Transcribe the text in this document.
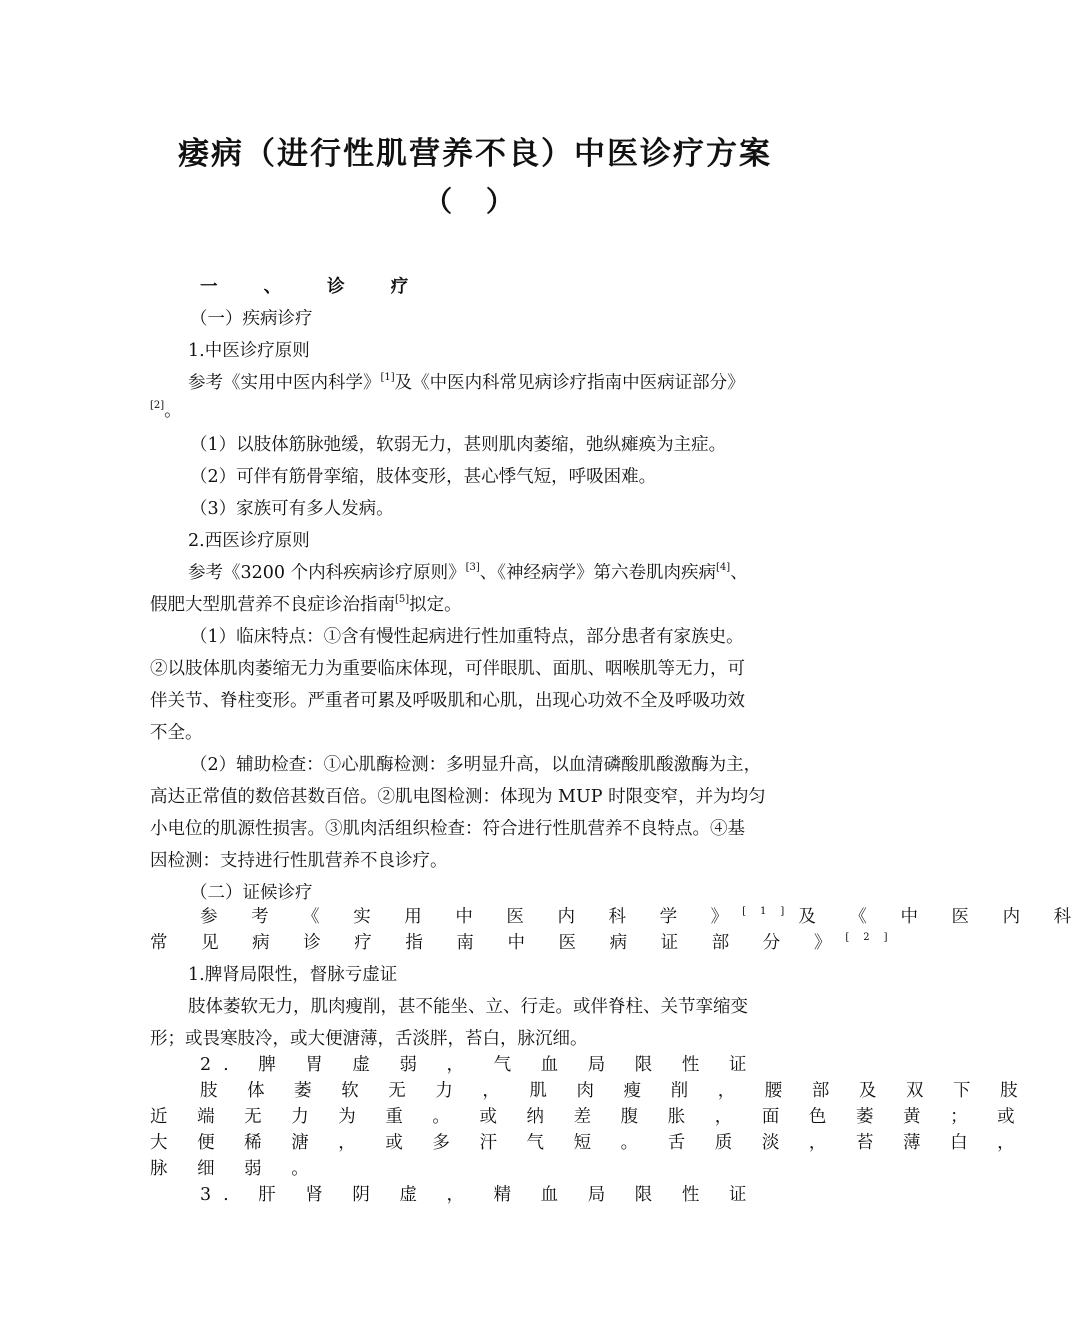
痿病（进行性肌营养不良）中医诊疗方案
（ ）
一 、 诊 疗
（一）疾病诊疗
1.中医诊疗原则
参考《实用中医内科学》[1]及《中医内科常见病诊疗指南中医病证部分》
[2]。
（1）以肢体筋脉弛缓，软弱无力，甚则肌肉萎缩，弛纵瘫痪为主症。
（2）可伴有筋骨挛缩，肢体变形，甚心悸气短，呼吸困难。
（3）家族可有多人发病。
2.西医诊疗原则
参考《3200 个内科疾病诊疗原则》[3]、《神经病学》第六卷肌肉疾病[4]、
假肥大型肌营养不良症诊治指南[5]拟定。
（1）临床特点：①含有慢性起病进行性加重特点，部分患者有家族史。
②以肢体肌肉萎缩无力为重要临床体现，可伴眼肌、面肌、咽喉肌等无力，可
伴关节、脊柱变形。严重者可累及呼吸肌和心肌，出现心功效不全及呼吸功效
不全。
（2）辅助检查：①心肌酶检测：多明显升高，以血清磷酸肌酸激酶为主，
高达正常值的数倍甚数百倍。②肌电图检测：体现为 MUP 时限变窄，并为均匀
小电位的肌源性损害。③肌肉活组织检查：符合进行性肌营养不良特点。④基
因检测：支持进行性肌营养不良诊疗。
（二）证候诊疗
参 考 《 实 用 中 医 内 科 学 》[1]及 《 中 医 内 科
常 见 病 诊 疗 指 南 中 医 病 证 部 分 》[2]
1.脾肾局限性，督脉亏虚证
肢体萎软无力，肌肉瘦削，甚不能坐、立、行走。或伴脊柱、关节挛缩变
形；或畏寒肢冷，或大便溏薄，舌淡胖，苔白，脉沉细。
2. 脾 胃 虚 弱 ， 气 血 局 限 性 证
肢 体 萎 软 无 力 ， 肌 肉 瘦 削 ， 腰 部 及 双 下 肢
近 端 无 力 为 重 。 或 纳 差 腹 胀 ， 面 色 萎 黄 ； 或
大 便 稀 溏 ， 或 多 汗 气 短 。 舌 质 淡 ， 苔 薄 白 ，
脉 细 弱 。
3. 肝 肾 阴 虚 ， 精 血 局 限 性 证
